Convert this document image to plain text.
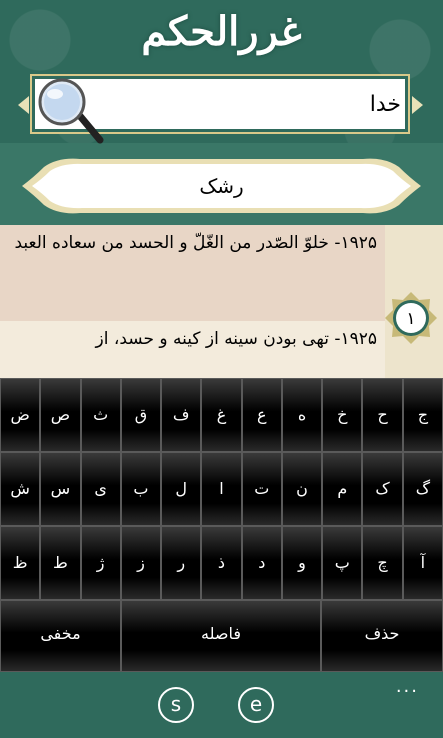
غررالحکم
خدا
رشک
۱۹۲۵- خلوّ الصّدر من الغّلّ و الحسد من سعاده العبد
۱۹۲۵- تهی بودن سینه از کینه و حسد، از
۱
ج
ح
خ
ه
ع
غ
ف
ق
ث
ص
ض
گ
ک
م
ن
ت
ا
ل
ب
ی
س
ش
آ
چ
پ
و
د
ذ
ر
ز
ژ
ط
ظ
حذف
فاصله
مخفی
s	e
...
